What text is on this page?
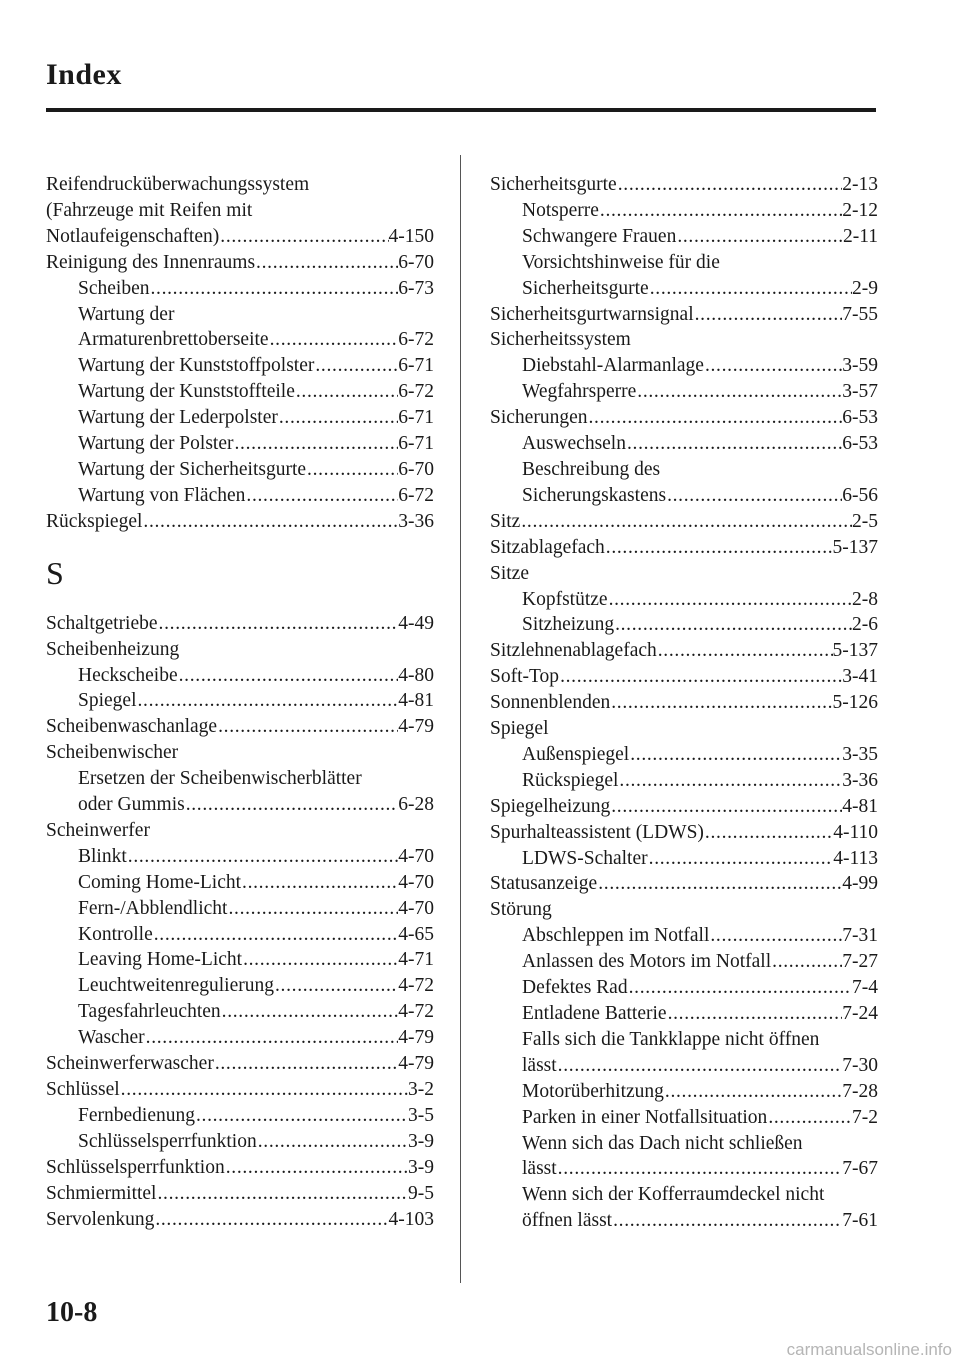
Index
Reifendrucküberwachungssystem
(Fahrzeuge mit Reifen mit
Notlaufeigenschaften) . . .	4-150
Reinigung des Innenraums . . .	6-70
Scheiben . . .	6-73
Wartung der
Armaturenbrettoberseite . . .	6-72
Wartung der Kunststoffpolster . . .	6-71
Wartung der Kunststoffteile . . .	6-72
Wartung der Lederpolster . . .	6-71
Wartung der Polster . . .	6-71
Wartung der Sicherheitsgurte . . .	6-70
Wartung von Flächen . . .	6-72
Rückspiegel . . .	3-36
S
Schaltgetriebe . . .	4-49
Scheibenheizung
Heckscheibe . . .	4-80
Spiegel . . .	4-81
Scheibenwaschanlage . . .	4-79
Scheibenwischer
Ersetzen der Scheibenwischerblätter
oder Gummis . . .	6-28
Scheinwerfer
Blinkt . . .	4-70
Coming Home-Licht . . .	4-70
Fern-/Abblendlicht . . .	4-70
Kontrolle . . .	4-65
Leaving Home-Licht . . .	4-71
Leuchtweitenregulierung . . .	4-72
Tagesfahrleuchten . . .	4-72
Wascher . . .	4-79
Scheinwerferwascher . . .	4-79
Schlüssel . . .	3-2
Fernbedienung . . .	3-5
Schlüsselsperrfunktion . . .	3-9
Schlüsselsperrfunktion . . .	3-9
Schmiermittel . . .	9-5
Servolenkung . . .	4-103
Sicherheitsgurte . . .	2-13
Notsperre . . .	2-12
Schwangere Frauen . . .	2-11
Vorsichtshinweise für die
Sicherheitsgurte . . .	2-9
Sicherheitsgurtwarnsignal . . .	7-55
Sicherheitssystem
Diebstahl-Alarmanlage . . .	3-59
Wegfahrsperre . . .	3-57
Sicherungen . . .	6-53
Auswechseln . . .	6-53
Beschreibung des
Sicherungskastens . . .	6-56
Sitz . . .	2-5
Sitzablagefach . . .	5-137
Sitze
Kopfstütze . . .	2-8
Sitzheizung . . .	2-6
Sitzlehnenablagefach . . .	5-137
Soft-Top . . .	3-41
Sonnenblenden . . .	5-126
Spiegel
Außenspiegel . . .	3-35
Rückspiegel . . .	3-36
Spiegelheizung . . .	4-81
Spurhalteassistent (LDWS) . . .	4-110
LDWS-Schalter . . .	4-113
Statusanzeige . . .	4-99
Störung
Abschleppen im Notfall . . .	7-31
Anlassen des Motors im Notfall . . .	7-27
Defektes Rad . . .	7-4
Entladene Batterie . . .	7-24
Falls sich die Tankklappe nicht öffnen
lässt . . .	7-30
Motorüberhitzung . . .	7-28
Parken in einer Notfallsituation . . .	7-2
Wenn sich das Dach nicht schließen
lässt . . .	7-67
Wenn sich der Kofferraumdeckel nicht
öffnen lässt . . .	7-61
10-8
carmanualsonline.info
